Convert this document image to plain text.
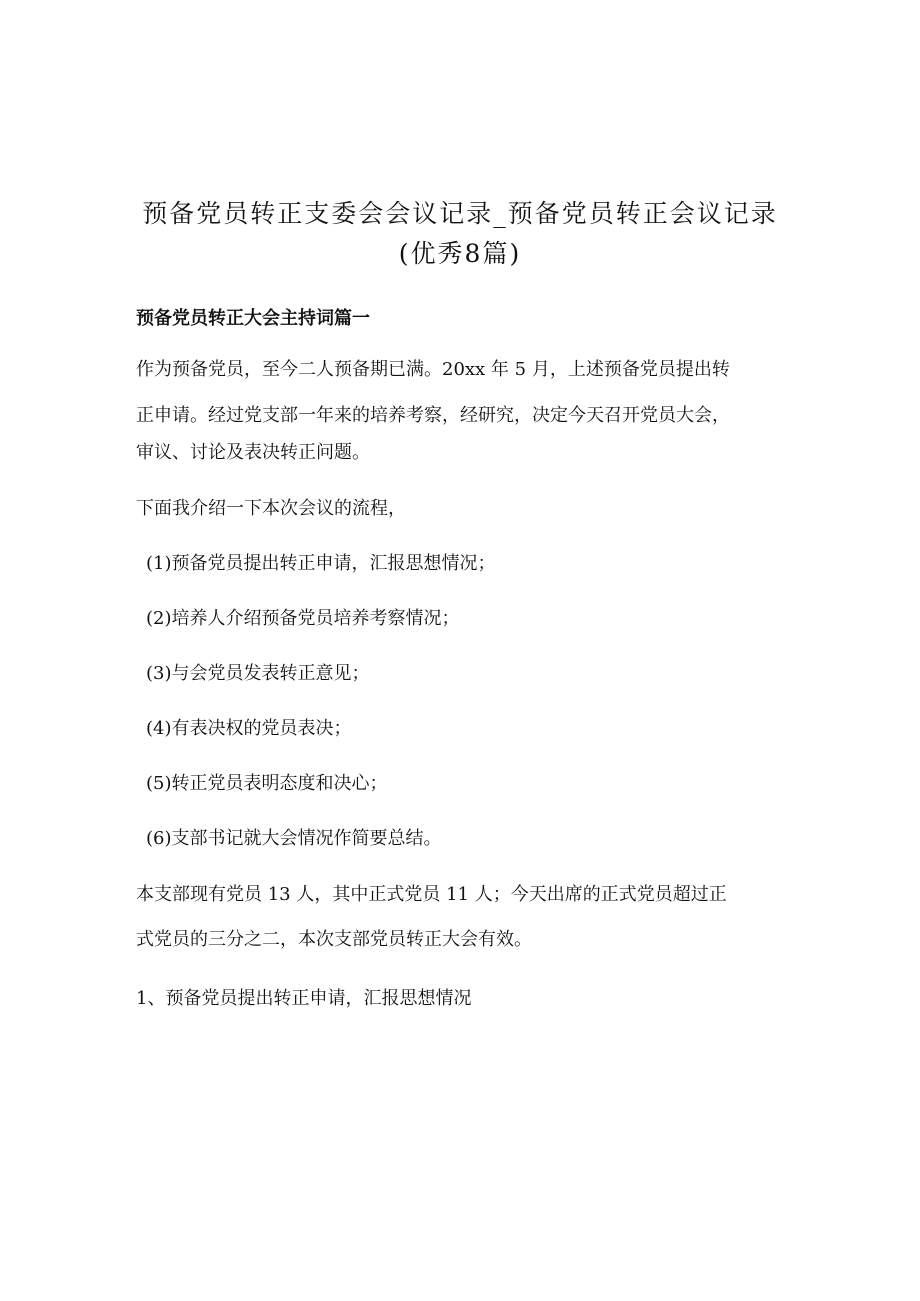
预备党员转正支委会会议记录_预备党员转正会议记录
(优秀8篇)
预备党员转正大会主持词篇一
作为预备党员，至今二人预备期已满。20xx 年 5 月，上述预备党员提出转
正申请。经过党支部一年来的培养考察，经研究，决定今天召开党员大会，
审议、讨论及表决转正问题。
下面我介绍一下本次会议的流程，
(1)预备党员提出转正申请，汇报思想情况；
(2)培养人介绍预备党员培养考察情况；
(3)与会党员发表转正意见；
(4)有表决权的党员表决；
(5)转正党员表明态度和决心；
(6)支部书记就大会情况作简要总结。
本支部现有党员 13 人，其中正式党员 11 人；今天出席的正式党员超过正
式党员的三分之二，本次支部党员转正大会有效。
1、预备党员提出转正申请，汇报思想情况
